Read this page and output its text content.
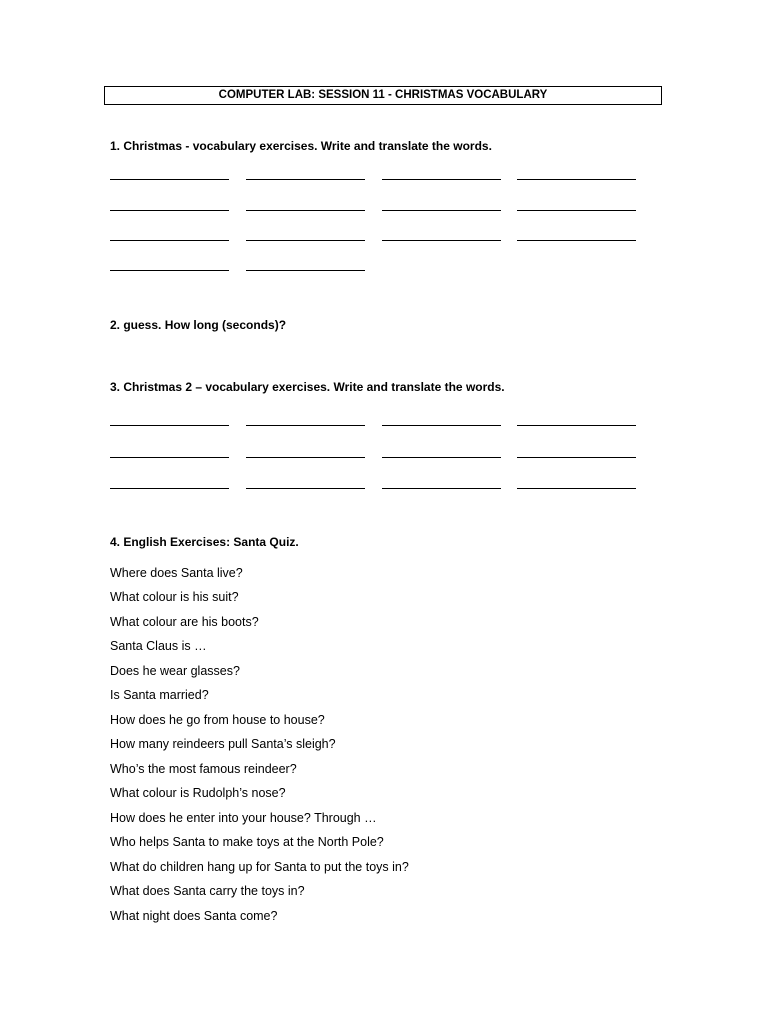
COMPUTER LAB: SESSION 11 - CHRISTMAS VOCABULARY
1. Christmas - vocabulary exercises. Write and translate the words.
2. guess. How long (seconds)?
3. Christmas 2 – vocabulary exercises. Write and translate the words.
4. English Exercises: Santa Quiz.
Where does Santa live?
What colour is his suit?
What colour are his boots?
Santa Claus is …
Does he wear glasses?
Is Santa married?
How does he go from house to house?
How many reindeers pull Santa’s sleigh?
Who’s the most famous reindeer?
What colour is Rudolph’s nose?
How does he enter into your house? Through …
Who helps Santa to make toys at the North Pole?
What do children hang up for Santa to put the toys in?
What does Santa carry the toys in?
What night does Santa come?
